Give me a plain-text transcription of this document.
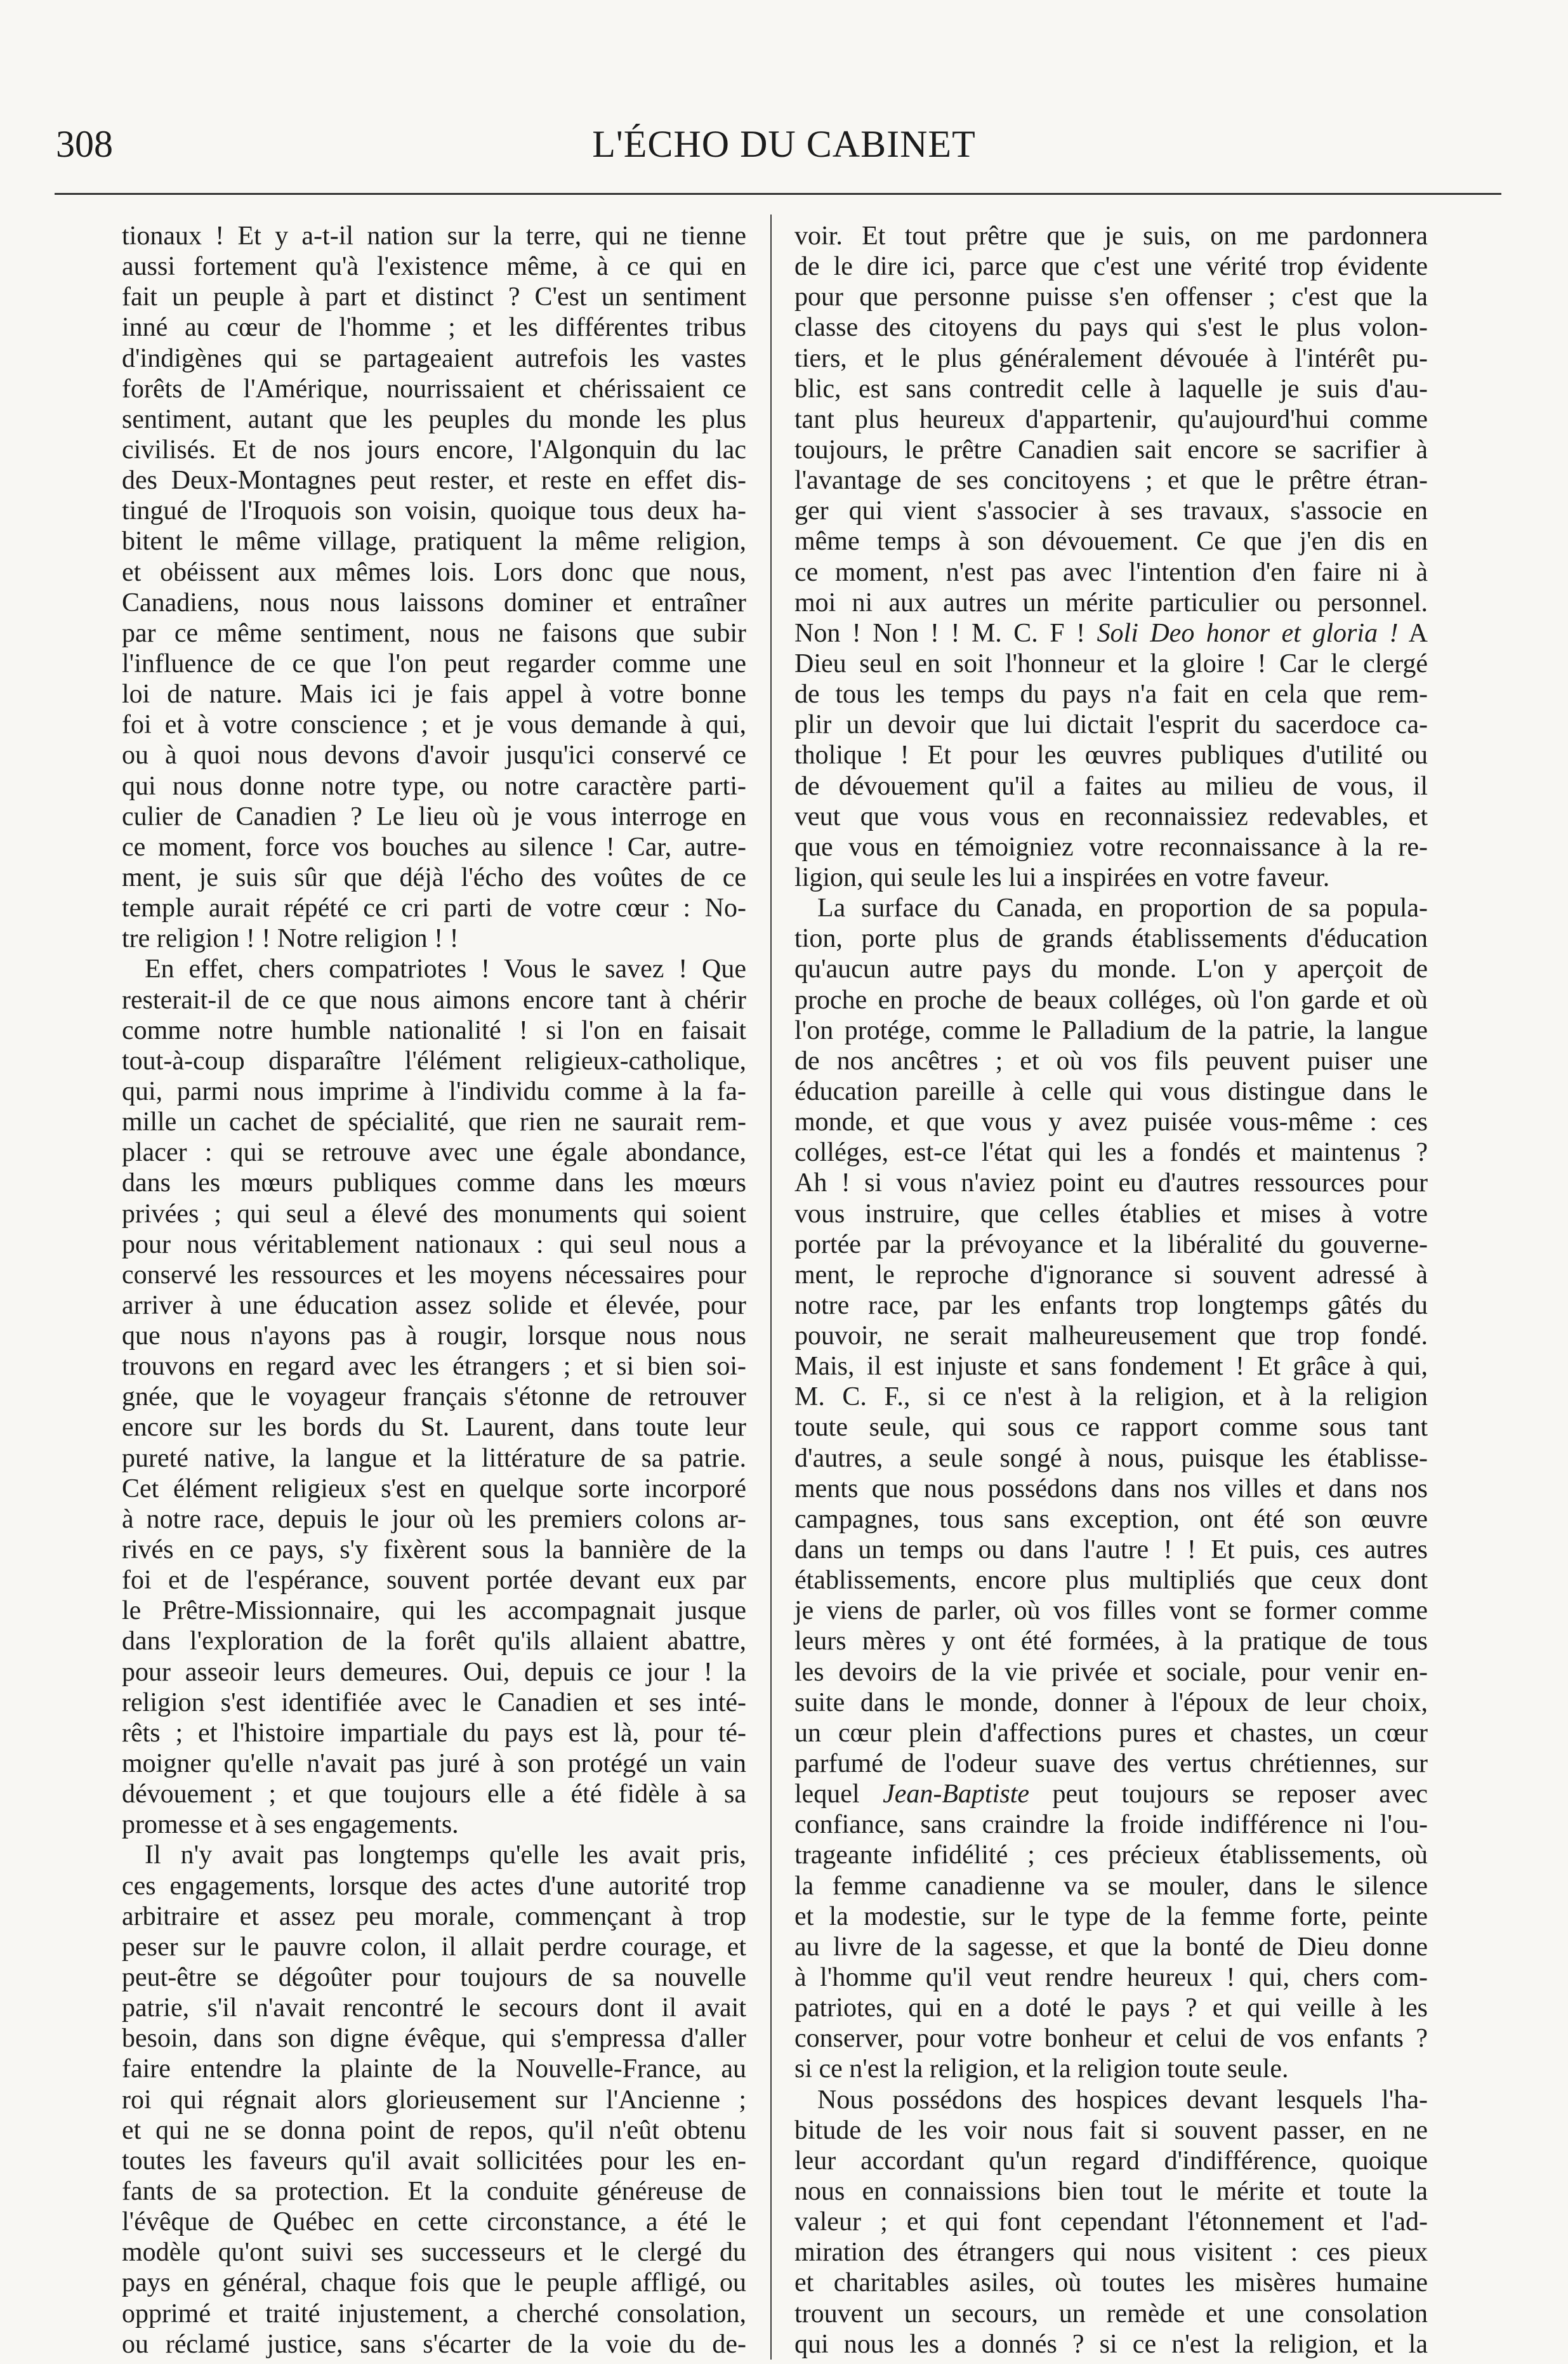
308	L'ÉCHO DU CABINET
tionaux ! Et y a-t-il nation sur la terre, qui ne tienne
aussi fortement qu'à l'existence même, à ce qui en
fait un peuple à part et distinct ? C'est un sentiment
inné au cœur de l'homme ; et les différentes tribus
d'indigènes qui se partageaient autrefois les vastes
forêts de l'Amérique, nourrissaient et chérissaient ce
sentiment, autant que les peuples du monde les plus
civilisés. Et de nos jours encore, l'Algonquin du lac
des Deux-Montagnes peut rester, et reste en effet dis-
tingué de l'Iroquois son voisin, quoique tous deux ha-
bitent le même village, pratiquent la même religion,
et obéissent aux mêmes lois. Lors donc que nous,
Canadiens, nous nous laissons dominer et entraîner
par ce même sentiment, nous ne faisons que subir
l'influence de ce que l'on peut regarder comme une
loi de nature. Mais ici je fais appel à votre bonne
foi et à votre conscience ; et je vous demande à qui,
ou à quoi nous devons d'avoir jusqu'ici conservé ce
qui nous donne notre type, ou notre caractère parti-
culier de Canadien ? Le lieu où je vous interroge en
ce moment, force vos bouches au silence ! Car, autre-
ment, je suis sûr que déjà l'écho des voûtes de ce
temple aurait répété ce cri parti de votre cœur : No-
tre religion ! ! Notre religion ! !
En effet, chers compatriotes ! Vous le savez ! Que
resterait-il de ce que nous aimons encore tant à chérir
comme notre humble nationalité ! si l'on en faisait
tout-à-coup disparaître l'élément religieux-catholique,
qui, parmi nous imprime à l'individu comme à la fa-
mille un cachet de spécialité, que rien ne saurait rem-
placer : qui se retrouve avec une égale abondance,
dans les mœurs publiques comme dans les mœurs
privées ; qui seul a élevé des monuments qui soient
pour nous véritablement nationaux : qui seul nous a
conservé les ressources et les moyens nécessaires pour
arriver à une éducation assez solide et élevée, pour
que nous n'ayons pas à rougir, lorsque nous nous
trouvons en regard avec les étrangers ; et si bien soi-
gnée, que le voyageur français s'étonne de retrouver
encore sur les bords du St. Laurent, dans toute leur
pureté native, la langue et la littérature de sa patrie.
Cet élément religieux s'est en quelque sorte incorporé
à notre race, depuis le jour où les premiers colons ar-
rivés en ce pays, s'y fixèrent sous la bannière de la
foi et de l'espérance, souvent portée devant eux par
le Prêtre-Missionnaire, qui les accompagnait jusque
dans l'exploration de la forêt qu'ils allaient abattre,
pour asseoir leurs demeures. Oui, depuis ce jour ! la
religion s'est identifiée avec le Canadien et ses inté-
rêts ; et l'histoire impartiale du pays est là, pour té-
moigner qu'elle n'avait pas juré à son protégé un vain
dévouement ; et que toujours elle a été fidèle à sa
promesse et à ses engagements.
Il n'y avait pas longtemps qu'elle les avait pris,
ces engagements, lorsque des actes d'une autorité trop
arbitraire et assez peu morale, commençant à trop
peser sur le pauvre colon, il allait perdre courage, et
peut-être se dégoûter pour toujours de sa nouvelle
patrie, s'il n'avait rencontré le secours dont il avait
besoin, dans son digne évêque, qui s'empressa d'aller
faire entendre la plainte de la Nouvelle-France, au
roi qui régnait alors glorieusement sur l'Ancienne ;
et qui ne se donna point de repos, qu'il n'eût obtenu
toutes les faveurs qu'il avait sollicitées pour les en-
fants de sa protection. Et la conduite généreuse de
l'évêque de Québec en cette circonstance, a été le
modèle qu'ont suivi ses successeurs et le clergé du
pays en général, chaque fois que le peuple affligé, ou
opprimé et traité injustement, a cherché consolation,
ou réclamé justice, sans s'écarter de la voie du de-
voir. Et tout prêtre que je suis, on me pardonnera
de le dire ici, parce que c'est une vérité trop évidente
pour que personne puisse s'en offenser ; c'est que la
classe des citoyens du pays qui s'est le plus volon-
tiers, et le plus généralement dévouée à l'intérêt pu-
blic, est sans contredit celle à laquelle je suis d'au-
tant plus heureux d'appartenir, qu'aujourd'hui comme
toujours, le prêtre Canadien sait encore se sacrifier à
l'avantage de ses concitoyens ; et que le prêtre étran-
ger qui vient s'associer à ses travaux, s'associe en
même temps à son dévouement. Ce que j'en dis en
ce moment, n'est pas avec l'intention d'en faire ni à
moi ni aux autres un mérite particulier ou personnel.
Non ! Non ! ! M. C. F ! Soli Deo honor et gloria ! A
Dieu seul en soit l'honneur et la gloire ! Car le clergé
de tous les temps du pays n'a fait en cela que rem-
plir un devoir que lui dictait l'esprit du sacerdoce ca-
tholique ! Et pour les œuvres publiques d'utilité ou
de dévouement qu'il a faites au milieu de vous, il
veut que vous vous en reconnaissiez redevables, et
que vous en témoigniez votre reconnaissance à la re-
ligion, qui seule les lui a inspirées en votre faveur.
La surface du Canada, en proportion de sa popula-
tion, porte plus de grands établissements d'éducation
qu'aucun autre pays du monde. L'on y aperçoit de
proche en proche de beaux colléges, où l'on garde et où
l'on protége, comme le Palladium de la patrie, la langue
de nos ancêtres ; et où vos fils peuvent puiser une
éducation pareille à celle qui vous distingue dans le
monde, et que vous y avez puisée vous-même : ces
colléges, est-ce l'état qui les a fondés et maintenus ?
Ah ! si vous n'aviez point eu d'autres ressources pour
vous instruire, que celles établies et mises à votre
portée par la prévoyance et la libéralité du gouverne-
ment, le reproche d'ignorance si souvent adressé à
notre race, par les enfants trop longtemps gâtés du
pouvoir, ne serait malheureusement que trop fondé.
Mais, il est injuste et sans fondement ! Et grâce à qui,
M. C. F., si ce n'est à la religion, et à la religion
toute seule, qui sous ce rapport comme sous tant
d'autres, a seule songé à nous, puisque les établisse-
ments que nous possédons dans nos villes et dans nos
campagnes, tous sans exception, ont été son œuvre
dans un temps ou dans l'autre ! ! Et puis, ces autres
établissements, encore plus multipliés que ceux dont
je viens de parler, où vos filles vont se former comme
leurs mères y ont été formées, à la pratique de tous
les devoirs de la vie privée et sociale, pour venir en-
suite dans le monde, donner à l'époux de leur choix,
un cœur plein d'affections pures et chastes, un cœur
parfumé de l'odeur suave des vertus chrétiennes, sur
lequel Jean-Baptiste peut toujours se reposer avec
confiance, sans craindre la froide indifférence ni l'ou-
trageante infidélité ; ces précieux établissements, où
la femme canadienne va se mouler, dans le silence
et la modestie, sur le type de la femme forte, peinte
au livre de la sagesse, et que la bonté de Dieu donne
à l'homme qu'il veut rendre heureux ! qui, chers com-
patriotes, qui en a doté le pays ? et qui veille à les
conserver, pour votre bonheur et celui de vos enfants ?
si ce n'est la religion, et la religion toute seule.
Nous possédons des hospices devant lesquels l'ha-
bitude de les voir nous fait si souvent passer, en ne
leur accordant qu'un regard d'indifférence, quoique
nous en connaissions bien tout le mérite et toute la
valeur ; et qui font cependant l'étonnement et l'ad-
miration des étrangers qui nous visitent : ces pieux
et charitables asiles, où toutes les misères humaine
trouvent un secours, un remède et une consolation
qui nous les a donnés ? si ce n'est la religion, et la
